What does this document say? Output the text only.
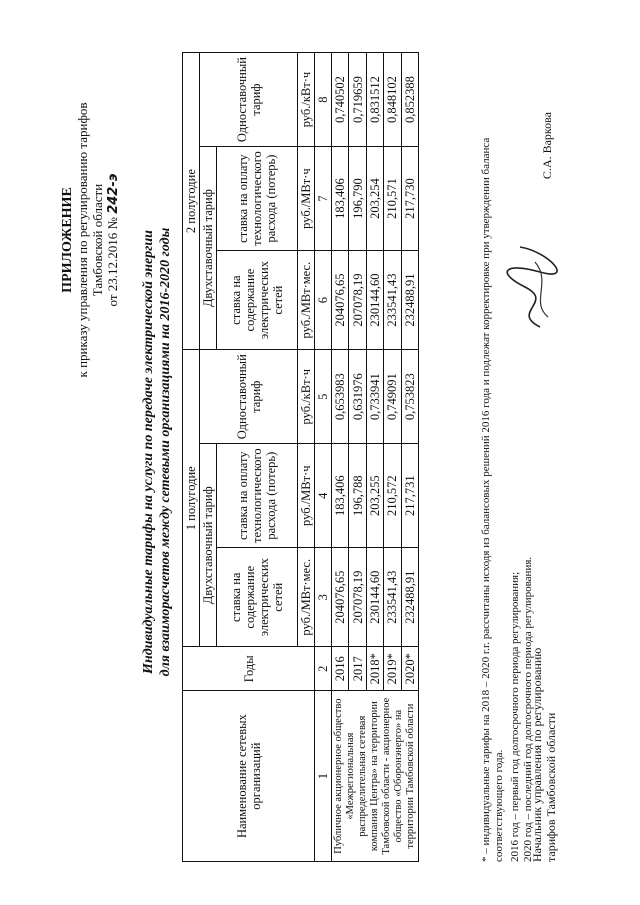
ПРИЛОЖЕНИЕ к приказу управления по регулированию тарифов Тамбовской области от 23.12.2016 № 242-э
Индивидуальные тарифы на услуги по передаче электрической энергии для взаиморасчетов между сетевыми организациями на 2016-2020 годы
Наименование сетевых организаций	Годы	1 полугодие			2 полугодие		
		Двухставочный тариф		Одноставочный тариф	Двухставочный тариф		Одноставочный тариф
		ставка на содержание электрических сетей	ставка на оплату технологического расхода (потерь)		ставка на содержание электрических сетей	ставка на оплату технологического расхода (потерь)	
		руб./МВт·мес.	руб./МВт·ч	руб./кВт·ч	руб./МВт·мес.	руб./МВт·ч	руб./кВт·ч
1	2	3	4	5	6	7	8
Публичное акционерное общество «Межрегиональная распределительная сетевая компания Центра» на территории Тамбовской области - акционерное общество «Оборонэнерго» на территории Тамбовской области	2016	204076,65	183,406	0,653983	204076,65	183,406	0,740502
	2017	207078,19	196,788	0,631976	207078,19	196,790	0,719659
	2018*	230144,60	203,255	0,733941	230144,60	203,254	0,831512
	2019*	233541,43	210,572	0,749091	233541,43	210,571	0,848102
	2020*	232488,91	217,731	0,753823	232488,91	217,730	0,852388

* – индивидуальные тарифы на 2018 – 2020 г.г. рассчитаны исходя из балансовых решений 2016 года и подлежат корректировке при утверждении баланса соответствующего года. 2016 год – первый год долгосрочного периода регулирования; 2020 год – последний год долгосрочного периода регулирования.

Начальник управления по регулированию тарифов Тамбовской области
С.А. Варкова
